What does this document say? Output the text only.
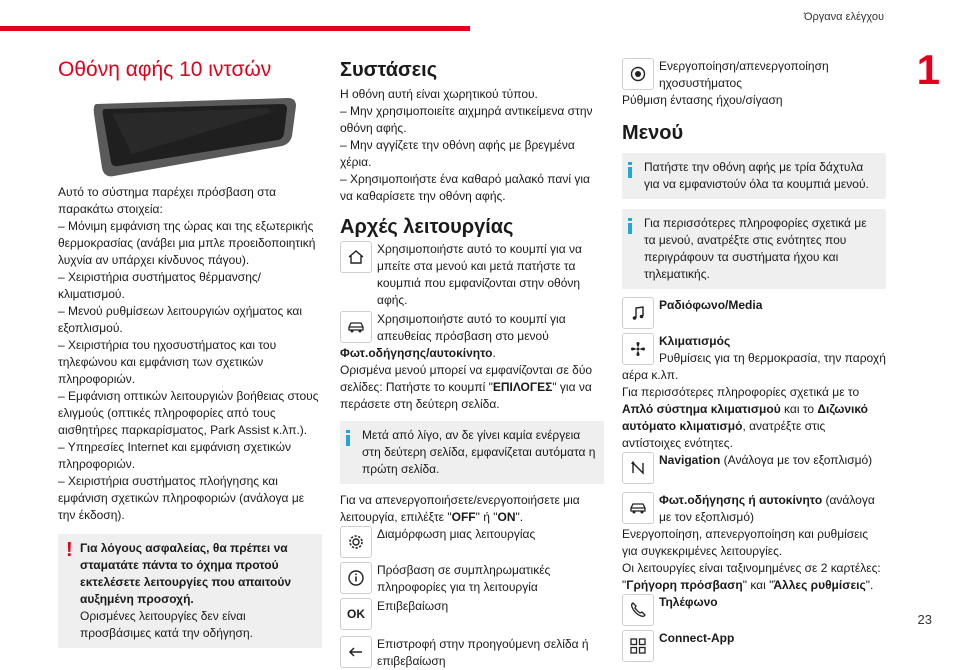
Όργανα ελέγχου
1
23
Οθόνη αφής 10 ιντσών

Αυτό το σύστημα παρέχει πρόσβαση στα παρακάτω στοιχεία:

– Μόνιμη εμφάνιση της ώρας και της εξωτερικής θερμοκρασίας (ανάβει μια μπλε προειδοποιητική λυχνία αν υπάρχει κίνδυνος πάγου).

– Χειριστήρια συστήματος θέρμανσης/κλιματισμού.

– Μενού ρυθμίσεων λειτουργιών οχήματος και εξοπλισμού.

– Χειριστήρια του ηχοσυστήματος και του τηλεφώνου και εμφάνιση των σχετικών πληροφοριών.

– Εμφάνιση οπτικών λειτουργιών βοήθειας στους ελιγμούς (οπτικές πληροφορίες από τους αισθητήρες παρκαρίσματος, Park Assist κ.λπ.).

– Υπηρεσίες Internet και εμφάνιση σχετικών πληροφοριών.

– Χειριστήρια συστήματος πλοήγησης και εμφάνιση σχετικών πληροφοριών (ανάλογα με την έκδοση).

! Για λόγους ασφαλείας, θα πρέπει να σταματάτε πάντα το όχημα προτού εκτελέσετε λειτουργίες που απαιτούν αυξημένη προσοχή.

Ορισμένες λειτουργίες δεν είναι προσβάσιμες κατά την οδήγηση.

Συστάσεις

Η οθόνη αυτή είναι χωρητικού τύπου.

– Μην χρησιμοποιείτε αιχμηρά αντικείμενα στην οθόνη αφής.

– Μην αγγίζετε την οθόνη αφής με βρεγμένα χέρια.

– Χρησιμοποιήστε ένα καθαρό μαλακό πανί για να καθαρίσετε την οθόνη αφής.

Αρχές λειτουργίας

Χρησιμοποιήστε αυτό το κουμπί για να μπείτε στα μενού και μετά πατήστε τα κουμπιά που εμφανίζονται στην οθόνη αφής.

Χρησιμοποιήστε αυτό το κουμπί για απευθείας πρόσβαση στο μενού Φωτ.οδήγησης/αυτοκίνητο.

Ορισμένα μενού μπορεί να εμφανίζονται σε δύο σελίδες: Πατήστε το κουμπί "ΕΠΙΛΟΓΕΣ" για να περάσετε στη δεύτερη σελίδα.

Μετά από λίγο, αν δε γίνει καμία ενέργεια στη δεύτερη σελίδα, εμφανίζεται αυτόματα η πρώτη σελίδα.

Για να απενεργοποιήσετε/ενεργοποιήσετε μια λειτουργία, επιλέξτε "OFF" ή "ON".

Διαμόρφωση μιας λειτουργίας

Πρόσβαση σε συμπληρωματικές πληροφορίες για τη λειτουργία

OK

Επιβεβαίωση

Επιστροφή στην προηγούμενη σελίδα ή επιβεβαίωση

Ενεργοποίηση/απενεργοποίηση ηχοσυστήματος

Ρύθμιση έντασης ήχου/σίγαση

Μενού

Πατήστε την οθόνη αφής με τρία δάχτυλα για να εμφανιστούν όλα τα κουμπιά μενού.

Για περισσότερες πληροφορίες σχετικά με τα μενού, ανατρέξτε στις ενότητες που περιγράφουν τα συστήματα ήχου και τηλεματικής.

Ραδιόφωνο/Media

Κλιματισμός

Ρυθμίσεις για τη θερμοκρασία, την παροχή αέρα κ.λπ.

Για περισσότερες πληροφορίες σχετικά με το Απλό σύστημα κλιματισμού και το Διζωνικό αυτόματο κλιματισμό, ανατρέξτε στις αντίστοιχες ενότητες.

Navigation (Ανάλογα με τον εξοπλισμό)

Φωτ.οδήγησης ή αυτοκίνητο (ανάλογα με τον εξοπλισμό)

Ενεργοποίηση, απενεργοποίηση και ρυθμίσεις για συγκεκριμένες λειτουργίες.

Οι λειτουργίες είναι ταξινομημένες σε 2 καρτέλες: "Γρήγορη πρόσβαση" και "Άλλες ρυθμίσεις".

Τηλέφωνο

Connect-App
